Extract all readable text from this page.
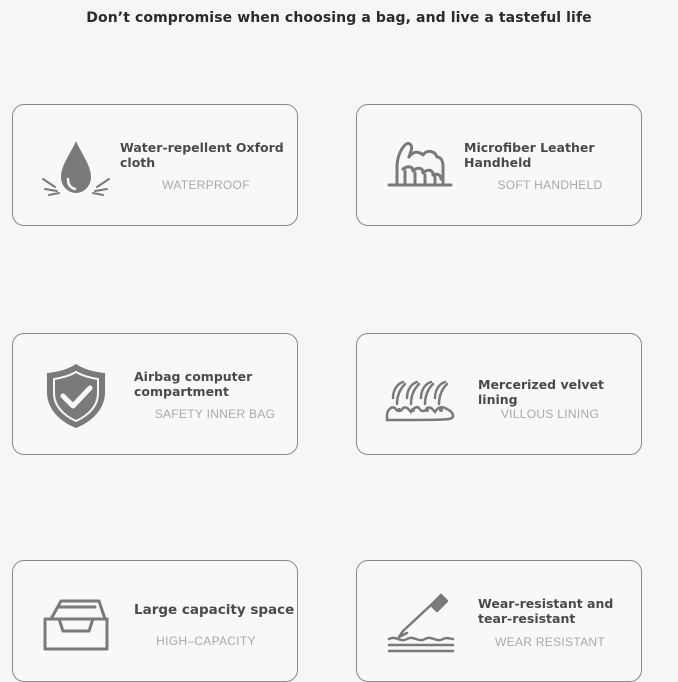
Don’t compromise when choosing a bag, and live a tasteful life
Water-repellent Oxford cloth
WATERPROOF
Microfiber Leather Handheld
SOFT HANDHELD
Airbag computer compartment
SAFETY INNER BAG
Mercerized velvet lining
VILLOUS LINING
Large capacity space
HIGH–CAPACITY
Wear-resistant and tear-resistant
WEAR RESISTANT
